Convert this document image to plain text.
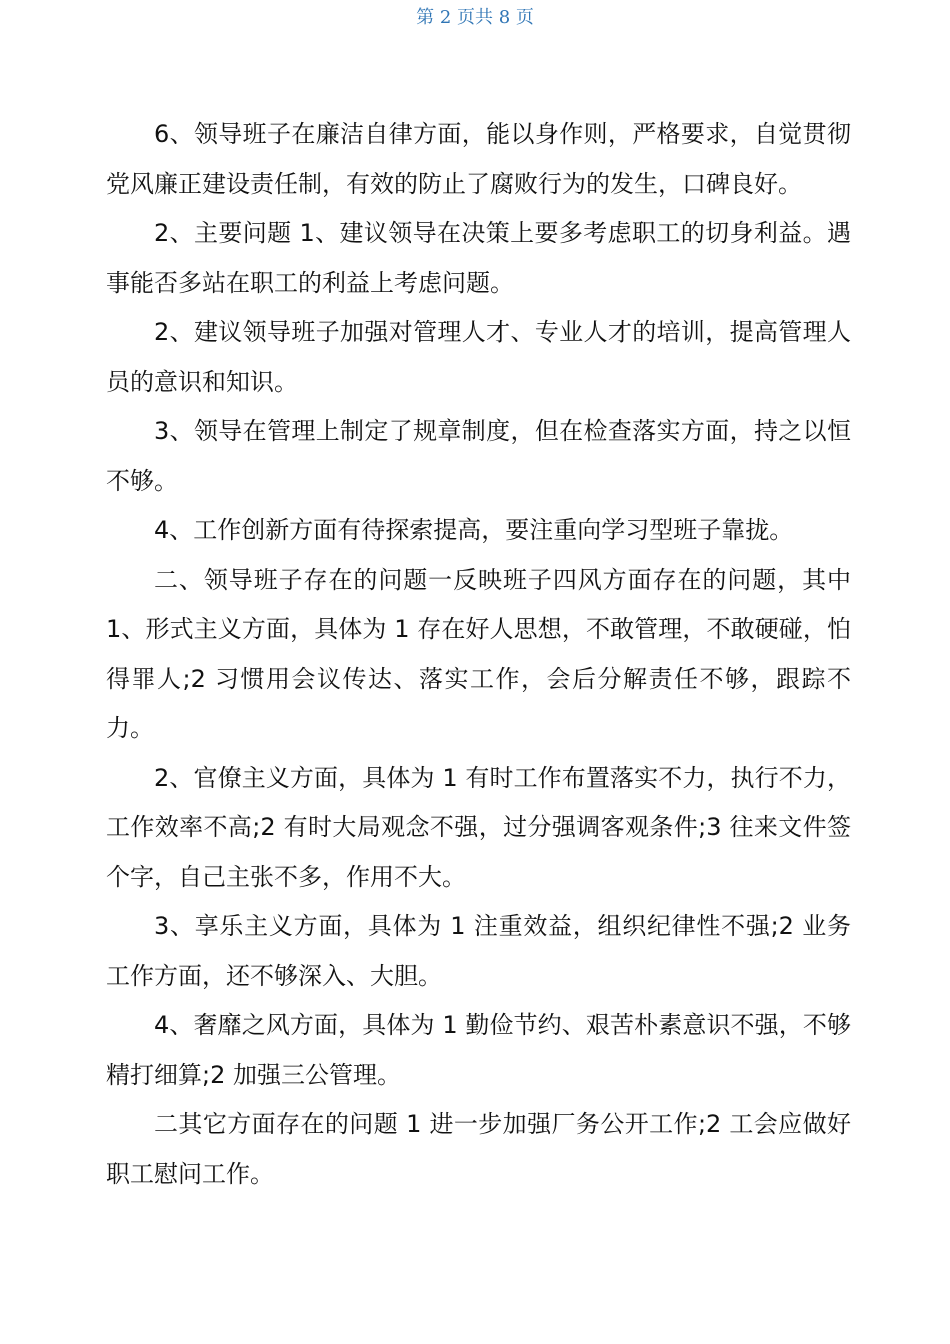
第 2 页共 8 页

6、领导班子在廉洁自律方面，能以身作则，严格要求，自觉贯彻党风廉正建设责任制，有效的防止了腐败行为的发生，口碑良好。

2、主要问题 1、建议领导在决策上要多考虑职工的切身利益。遇事能否多站在职工的利益上考虑问题。

2、建议领导班子加强对管理人才、专业人才的培训，提高管理人员的意识和知识。

3、领导在管理上制定了规章制度，但在检查落实方面，持之以恒不够。

4、工作创新方面有待探索提高，要注重向学习型班子靠拢。

二、领导班子存在的问题一反映班子四风方面存在的问题，其中 1、形式主义方面，具体为 1 存在好人思想，不敢管理，不敢硬碰，怕得罪人;2 习惯用会议传达、落实工作，会后分解责任不够，跟踪不力。

2、官僚主义方面，具体为 1 有时工作布置落实不力，执行不力，工作效率不高;2 有时大局观念不强，过分强调客观条件;3 往来文件签个字，自己主张不多，作用不大。

3、享乐主义方面，具体为 1 注重效益，组织纪律性不强;2 业务工作方面，还不够深入、大胆。

4、奢靡之风方面，具体为 1 勤俭节约、艰苦朴素意识不强，不够精打细算;2 加强三公管理。

二其它方面存在的问题 1 进一步加强厂务公开工作;2 工会应做好职工慰问工作。
